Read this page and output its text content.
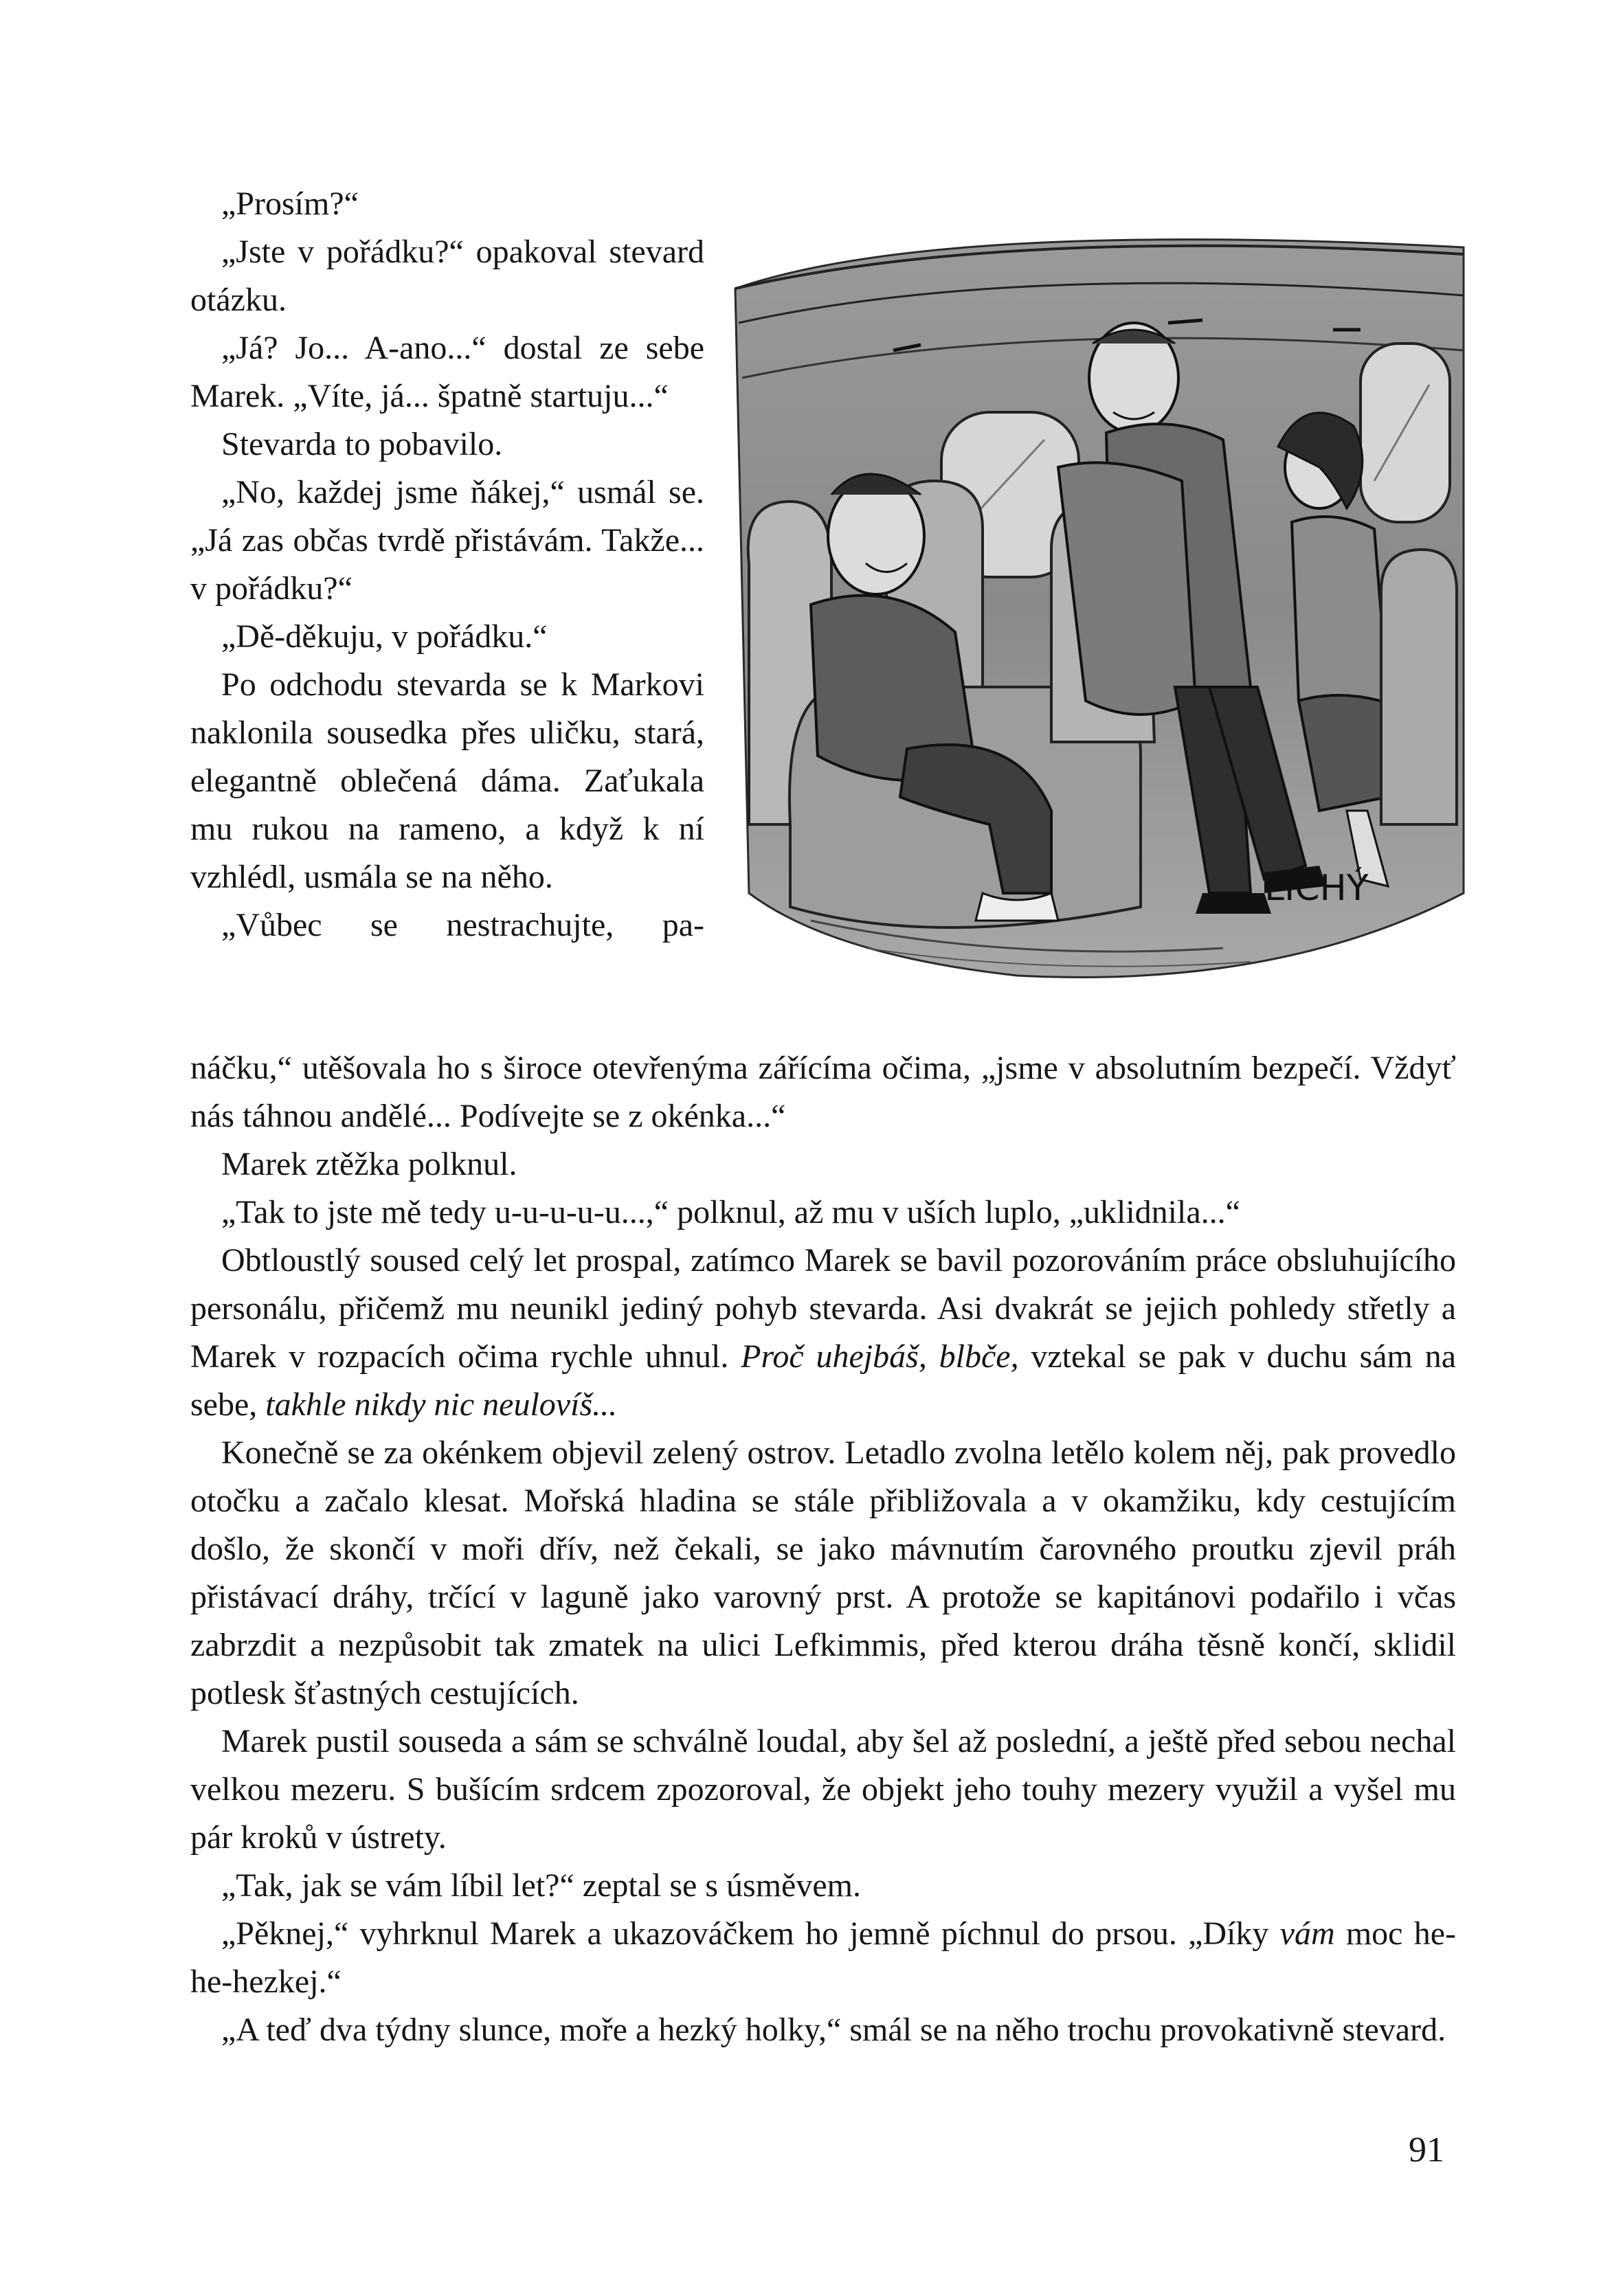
„Prosím?“

„Jste v pořádku?“ opakoval stevard otázku.

„Já? Jo... A-ano...“ dostal ze sebe Marek. „Víte, já... špatně startuju...“

Stevarda to pobavilo.

„No, každej jsme ňákej,“ usmál se. „Já zas občas tvrdě přistávám. Takže... v pořádku?“

„Dě-děkuju, v pořádku.“

Po odchodu stevarda se k Markovi naklonila sousedka přes uličku, stará, elegantně oblečená dáma. Zaťukala mu rukou na rameno, a když k ní vzhlédl, usmála se na něho.

„Vůbec se nestrachujte, pa-

LICHÝ

náčku,“ utěšovala ho s široce otevřenýma zářícíma očima, „jsme v absolutním bezpečí. Vždyť nás táhnou andělé... Podívejte se z okénka...“

Marek ztěžka polknul.

„Tak to jste mě tedy u-u-u-u-u...,“ polknul, až mu v uších luplo, „uklidnila...“

Obtloustlý soused celý let prospal, zatímco Marek se bavil pozorováním práce obsluhujícího personálu, přičemž mu neunikl jediný pohyb stevarda. Asi dvakrát se jejich pohledy střetly a Marek v rozpacích očima rychle uhnul. Proč uhejbáš, blbče, vztekal se pak v duchu sám na sebe, takhle nikdy nic neulovíš...

Konečně se za okénkem objevil zelený ostrov. Letadlo zvolna letělo kolem něj, pak provedlo otočku a začalo klesat. Mořská hladina se stále přibližovala a v okamžiku, kdy cestujícím došlo, že skončí v moři dřív, než čekali, se jako mávnutím čarovného proutku zjevil práh přistávací dráhy, trčící v laguně jako varovný prst. A protože se kapitánovi podařilo i včas zabrzdit a nezpůsobit tak zmatek na ulici Lefkimmis, před kterou dráha těsně končí, sklidil potlesk šťastných cestujících.

Marek pustil souseda a sám se schválně loudal, aby šel až poslední, a ještě před sebou nechal velkou mezeru. S bušícím srdcem zpozoroval, že objekt jeho touhy mezery využil a vyšel mu pár kroků v ústrety.

„Tak, jak se vám líbil let?“ zeptal se s úsměvem.

„Pěknej,“ vyhrknul Marek a ukazováčkem ho jemně píchnul do prsou. „Díky vám moc he-he-hezkej.“

„A teď dva týdny slunce, moře a hezký holky,“ smál se na něho trochu provokativně stevard.

91
